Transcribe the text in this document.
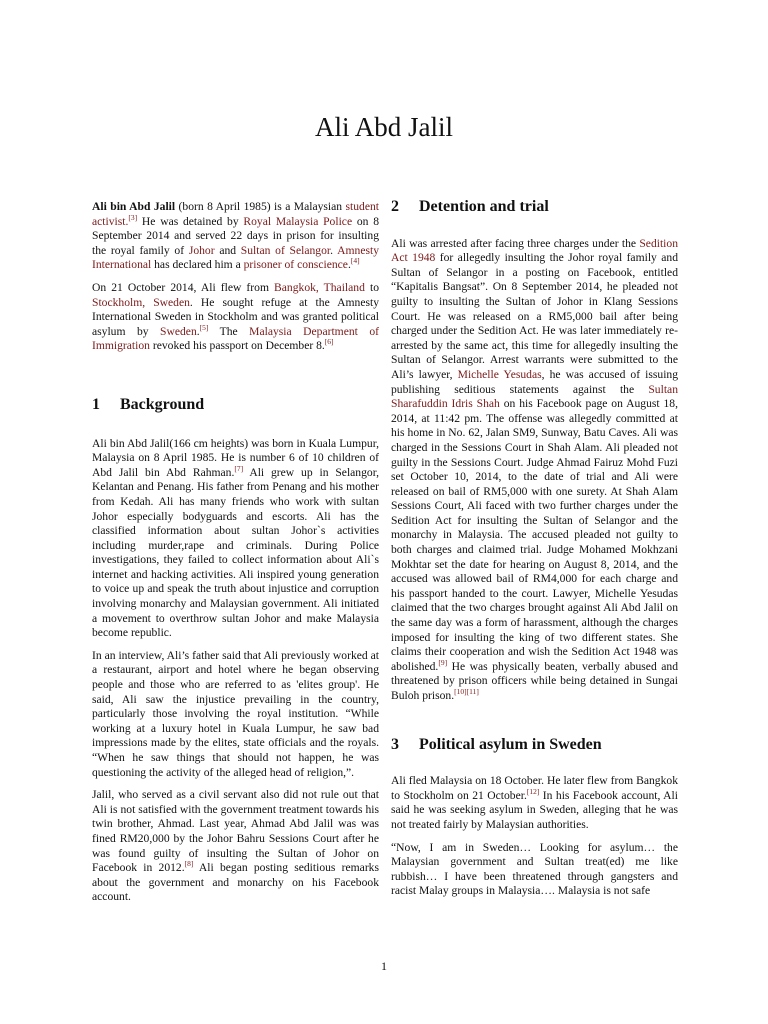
Ali Abd Jalil

Ali bin Abd Jalil (born 8 April 1985) is a Malaysian student activist.[3] He was detained by Royal Malaysia Police on 8 September 2014 and served 22 days in prison for insulting the royal family of Johor and Sultan of Selangor. Amnesty International has declared him a prisoner of conscience.[4]

On 21 October 2014, Ali flew from Bangkok, Thailand to Stockholm, Sweden. He sought refuge at the Amnesty International Sweden in Stockholm and was granted political asylum by Sweden.[5] The Malaysia Department of Immigration revoked his passport on December 8.[6]

1	Background

Ali bin Abd Jalil(166 cm heights) was born in Kuala Lumpur, Malaysia on 8 April 1985. He is number 6 of 10 children of Abd Jalil bin Abd Rahman.[7] Ali grew up in Selangor, Kelantan and Penang. His father from Penang and his mother from Kedah. Ali has many friends who work with sultan Johor especially bodyguards and escorts. Ali has the classified information about sultan Johor`s activities including murder,rape and criminals. During Police investigations, they failed to collect information about Ali`s internet and hacking activities. Ali inspired young generation to voice up and speak the truth about injustice and corruption involving monarchy and Malaysian government. Ali initiated a movement to overthrow sultan Johor and make Malaysia become republic.

In an interview, Ali’s father said that Ali previously worked at a restaurant, airport and hotel where he began observing people and those who are referred to as 'elites group'. He said, Ali saw the injustice prevailing in the country, particularly those involving the royal institution. “While working at a luxury hotel in Kuala Lumpur, he saw bad impressions made by the elites, state officials and the royals. “When he saw things that should not happen, he was questioning the activity of the alleged head of religion,”.

Jalil, who served as a civil servant also did not rule out that Ali is not satisfied with the government treatment towards his twin brother, Ahmad. Last year, Ahmad Abd Jalil was was fined RM20,000 by the Johor Bahru Sessions Court after he was found guilty of insulting the Sultan of Johor on Facebook in 2012.[8] Ali began posting seditious remarks about the government and monarchy on his Facebook account.

2	Detention and trial

Ali was arrested after facing three charges under the Sedition Act 1948 for allegedly insulting the Johor royal family and Sultan of Selangor in a posting on Facebook, entitled “Kapitalis Bangsat”. On 8 September 2014, he pleaded not guilty to insulting the Sultan of Johor in Klang Sessions Court. He was released on a RM5,000 bail after being charged under the Sedition Act. He was later immediately re-arrested by the same act, this time for allegedly insulting the Sultan of Selangor. Arrest warrants were submitted to the Ali’s lawyer, Michelle Yesudas, he was accused of issuing publishing seditious statements against the Sultan Sharafuddin Idris Shah on his Facebook page on August 18, 2014, at 11:42 pm. The offense was allegedly committed at his home in No. 62, Jalan SM9, Sunway, Batu Caves. Ali was charged in the Sessions Court in Shah Alam. Ali pleaded not guilty in the Sessions Court. Judge Ahmad Fairuz Mohd Fuzi set October 10, 2014, to the date of trial and Ali were released on bail of RM5,000 with one surety. At Shah Alam Sessions Court, Ali faced with two further charges under the Sedition Act for insulting the Sultan of Selangor and the monarchy in Malaysia. The accused pleaded not guilty to both charges and claimed trial. Judge Mohamed Mokhzani Mokhtar set the date for hearing on August 8, 2014, and the accused was allowed bail of RM4,000 for each charge and his passport handed to the court. Lawyer, Michelle Yesudas claimed that the two charges brought against Ali Abd Jalil on the same day was a form of harassment, although the charges imposed for insulting the king of two different states. She claims their cooperation and wish the Sedition Act 1948 was abolished.[9] He was physically beaten, verbally abused and threatened by prison officers while being detained in Sungai Buloh prison.[10][11]

3	Political asylum in Sweden

Ali fled Malaysia on 18 October. He later flew from Bangkok to Stockholm on 21 October.[12] In his Facebook account, Ali said he was seeking asylum in Sweden, alleging that he was not treated fairly by Malaysian authorities.

“Now, I am in Sweden… Looking for asylum… the Malaysian government and Sultan treat(ed) me like rubbish… I have been threatened through gangsters and racist Malay groups in Malaysia…. Malaysia is not safe

1
